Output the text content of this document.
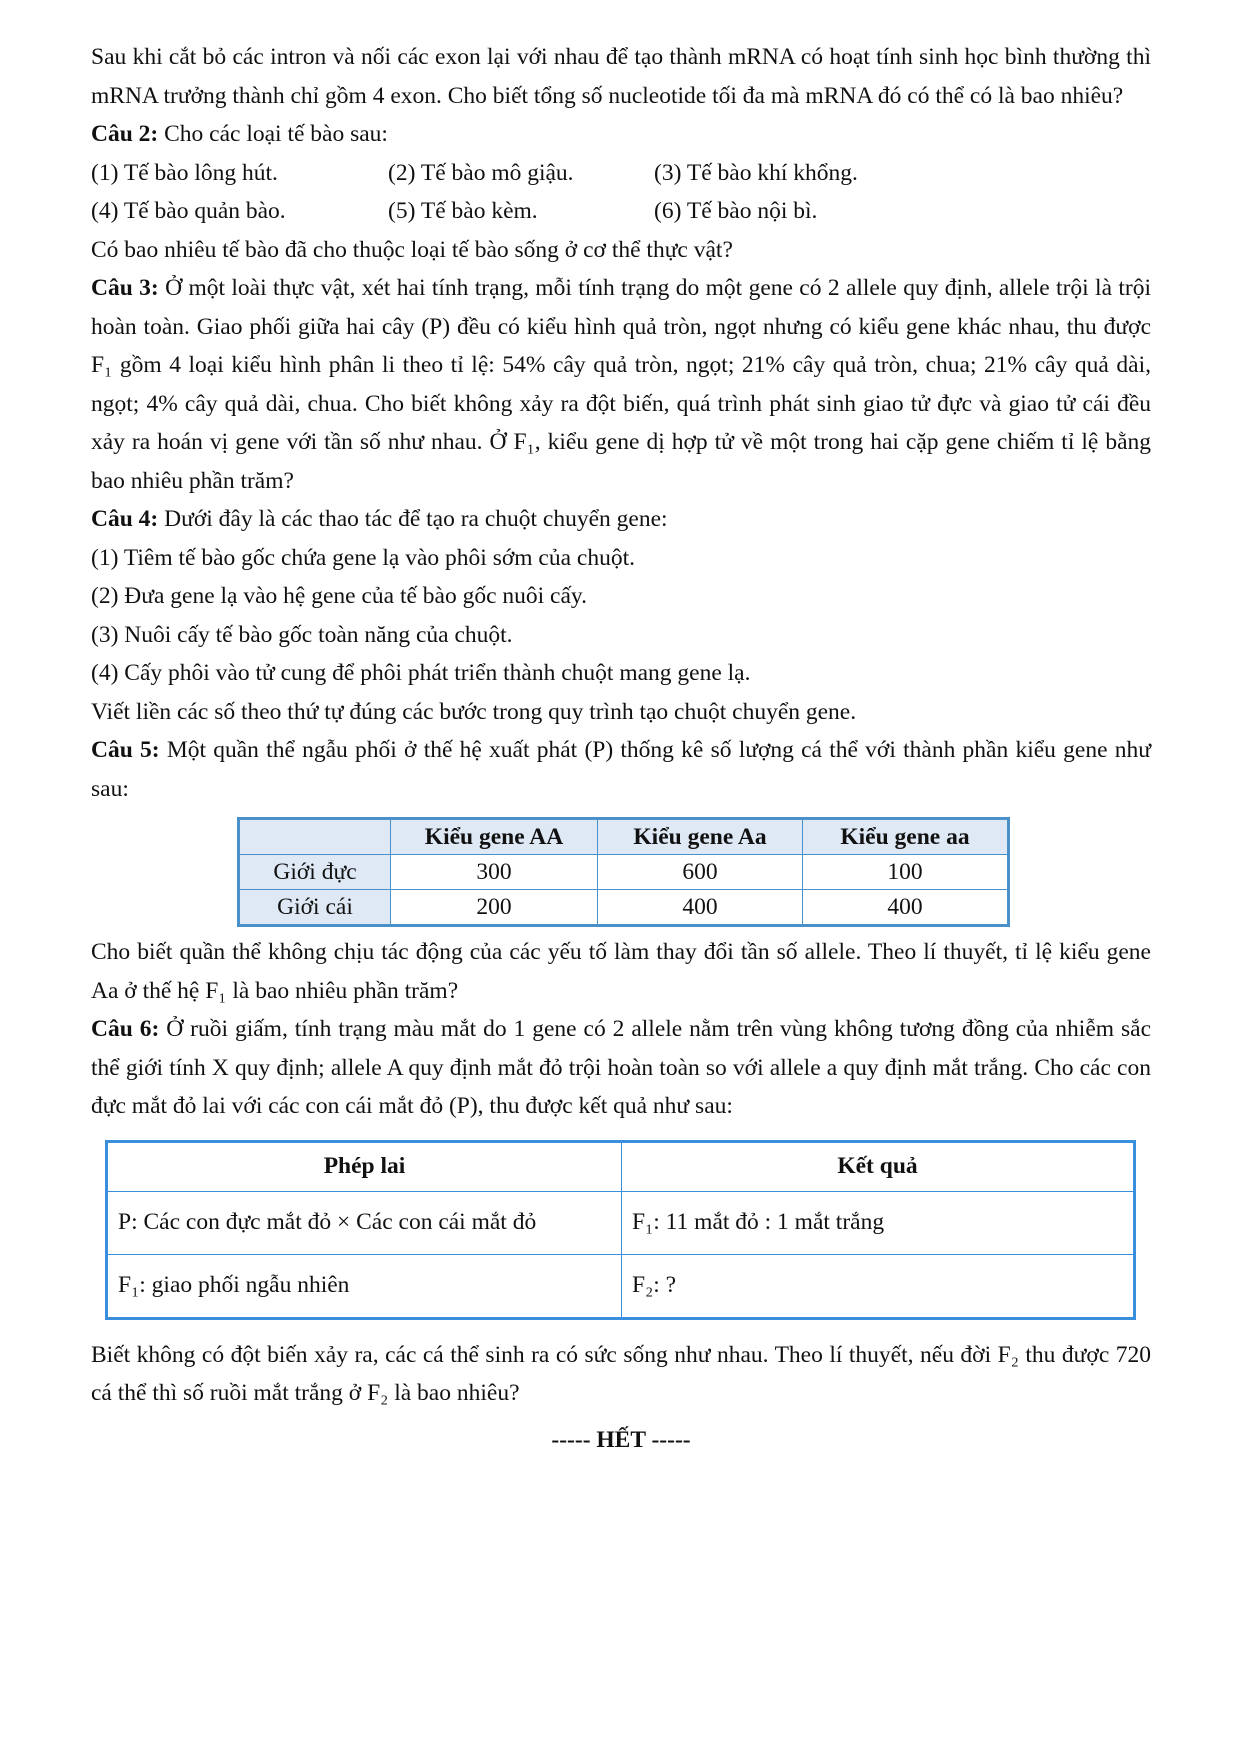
Sau khi cắt bỏ các intron và nối các exon lại với nhau để tạo thành mRNA có hoạt tính sinh học bình thường thì mRNA trưởng thành chỉ gồm 4 exon. Cho biết tổng số nucleotide tối đa mà mRNA đó có thể có là bao nhiêu?

Câu 2: Cho các loại tế bào sau:

(1) Tế bào lông hút.	(2) Tế bào mô giậu.	(3) Tế bào khí khổng.
(4) Tế bào quản bào.	(5) Tế bào kèm.	(6) Tế bào nội bì.

Có bao nhiêu tế bào đã cho thuộc loại tế bào sống ở cơ thể thực vật?

Câu 3: Ở một loài thực vật, xét hai tính trạng, mỗi tính trạng do một gene có 2 allele quy định, allele trội là trội hoàn toàn. Giao phối giữa hai cây (P) đều có kiểu hình quả tròn, ngọt nhưng có kiểu gene khác nhau, thu được F₁ gồm 4 loại kiểu hình phân li theo tỉ lệ: 54% cây quả tròn, ngọt; 21% cây quả tròn, chua; 21% cây quả dài, ngọt; 4% cây quả dài, chua. Cho biết không xảy ra đột biến, quá trình phát sinh giao tử đực và giao tử cái đều xảy ra hoán vị gene với tần số như nhau. Ở F₁, kiểu gene dị hợp tử về một trong hai cặp gene chiếm tỉ lệ bằng bao nhiêu phần trăm?

Câu 4: Dưới đây là các thao tác để tạo ra chuột chuyển gene:

(1) Tiêm tế bào gốc chứa gene lạ vào phôi sớm của chuột.

(2) Đưa gene lạ vào hệ gene của tế bào gốc nuôi cấy.

(3) Nuôi cấy tế bào gốc toàn năng của chuột.

(4) Cấy phôi vào tử cung để phôi phát triển thành chuột mang gene lạ.

Viết liền các số theo thứ tự đúng các bước trong quy trình tạo chuột chuyển gene.

Câu 5: Một quần thể ngẫu phối ở thế hệ xuất phát (P) thống kê số lượng cá thể với thành phần kiểu gene như sau:

	Kiểu gene AA	Kiểu gene Aa	Kiểu gene aa
Giới đực	300	600	100
Giới cái	200	400	400

Cho biết quần thể không chịu tác động của các yếu tố làm thay đổi tần số allele. Theo lí thuyết, tỉ lệ kiểu gene Aa ở thế hệ F₁ là bao nhiêu phần trăm?

Câu 6: Ở ruồi giấm, tính trạng màu mắt do 1 gene có 2 allele nằm trên vùng không tương đồng của nhiễm sắc thể giới tính X quy định; allele A quy định mắt đỏ trội hoàn toàn so với allele a quy định mắt trắng. Cho các con đực mắt đỏ lai với các con cái mắt đỏ (P), thu được kết quả như sau:

Phép lai	Kết quả
P: Các con đực mắt đỏ × Các con cái mắt đỏ	F₁: 11 mắt đỏ : 1 mắt trắng
F₁: giao phối ngẫu nhiên	F₂: ?

Biết không có đột biến xảy ra, các cá thể sinh ra có sức sống như nhau. Theo lí thuyết, nếu đời F₂ thu được 720 cá thể thì số ruồi mắt trắng ở F₂ là bao nhiêu?

----- HẾT -----
